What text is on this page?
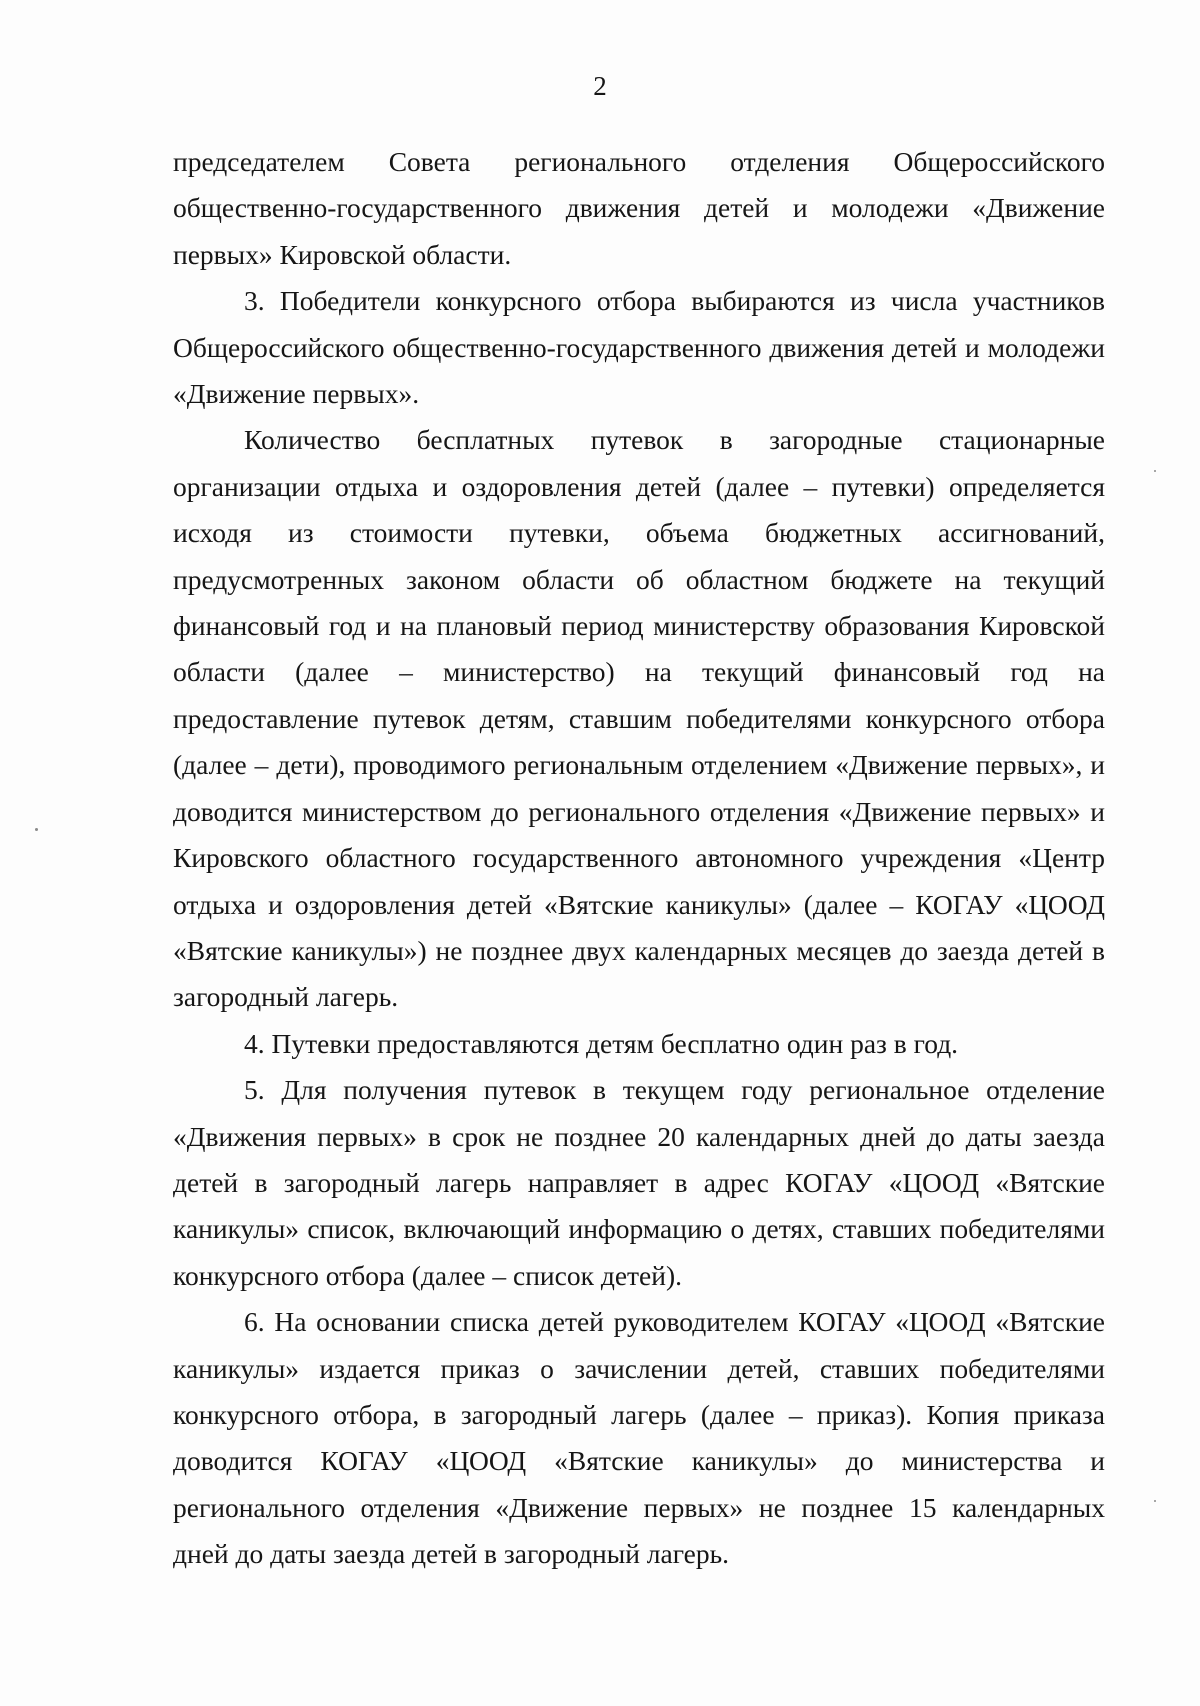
2

председателем Совета регионального отделения Общероссийского общественно-государственного движения детей и молодежи «Движение первых» Кировской области.

3. Победители конкурсного отбора выбираются из числа участников Общероссийского общественно-государственного движения детей и молодежи «Движение первых».

Количество бесплатных путевок в загородные стационарные организации отдыха и оздоровления детей (далее – путевки) определяется исходя из стоимости путевки, объема бюджетных ассигнований, предусмотренных законом области об областном бюджете на текущий финансовый год и на плановый период министерству образования Кировской области (далее – министерство) на текущий финансовый год на предоставление путевок детям, ставшим победителями конкурсного отбора (далее – дети), проводимого региональным отделением «Движение первых», и доводится министерством до регионального отделения «Движение первых» и Кировского областного государственного автономного учреждения «Центр отдыха и оздоровления детей «Вятские каникулы» (далее – КОГАУ «ЦООД «Вятские каникулы») не позднее двух календарных месяцев до заезда детей в загородный лагерь.

4. Путевки предоставляются детям бесплатно один раз в год.

5. Для получения путевок в текущем году региональное отделение «Движения первых» в срок не позднее 20 календарных дней до даты заезда детей в загородный лагерь направляет в адрес КОГАУ «ЦООД «Вятские каникулы» список, включающий информацию о детях, ставших победителями конкурсного отбора (далее – список детей).

6. На основании списка детей руководителем КОГАУ «ЦООД «Вятские каникулы» издается приказ о зачислении детей, ставших победителями конкурсного отбора, в загородный лагерь (далее – приказ). Копия приказа доводится КОГАУ «ЦООД «Вятские каникулы» до министерства и регионального отделения «Движение первых» не позднее 15 календарных дней до даты заезда детей в загородный лагерь.
